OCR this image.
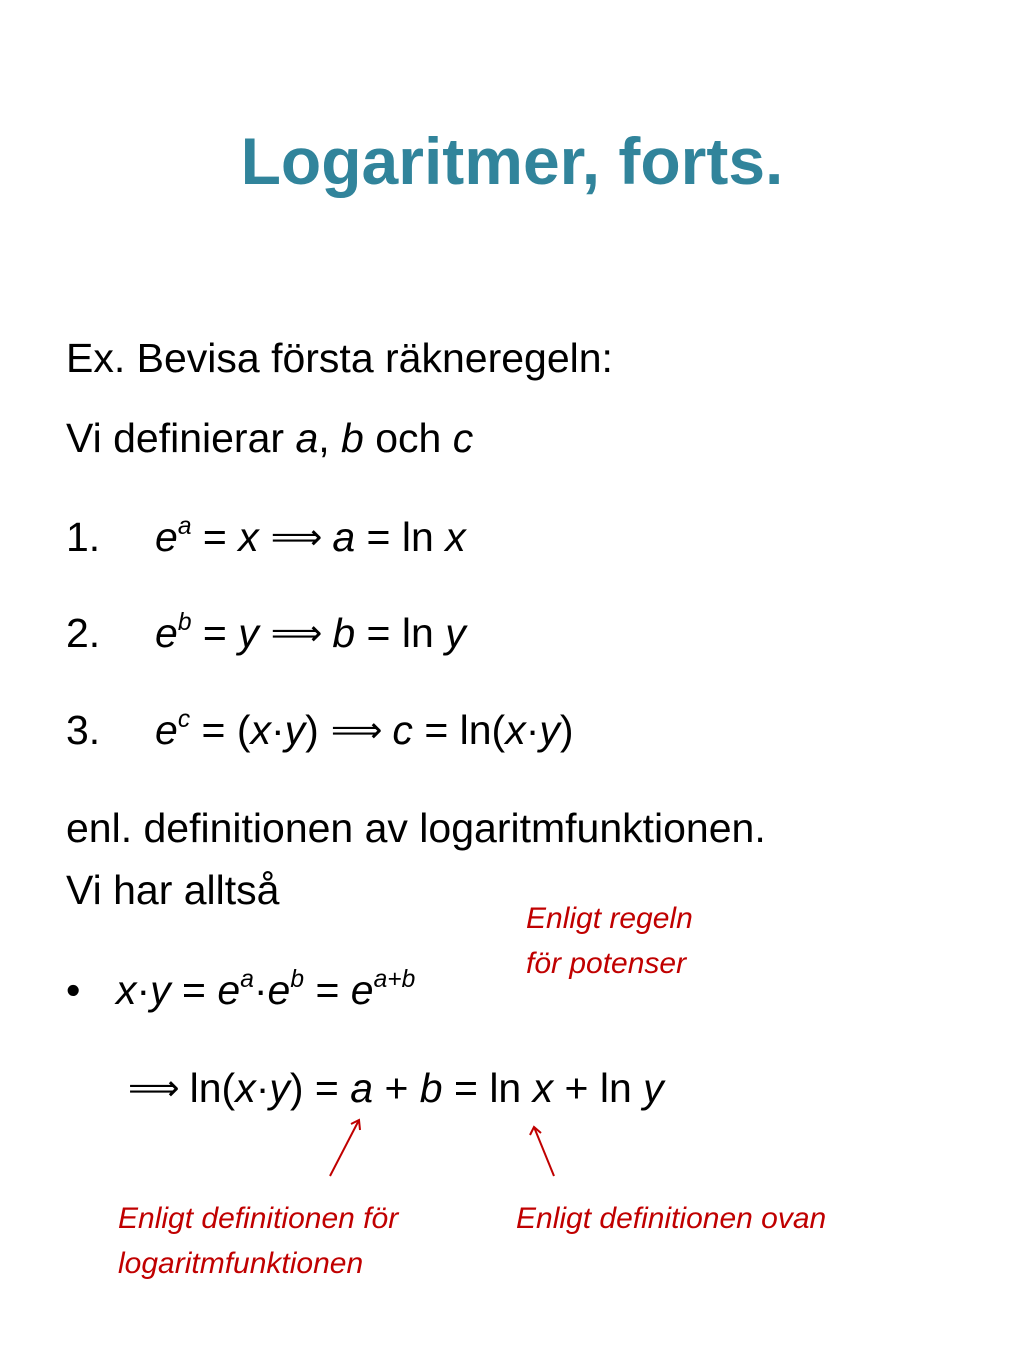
Logaritmer, forts.
Ex. Bevisa första räkneregeln:
Vi definierar a, b och c
1. $e^a = x$ ⟹ a = ln x
2. $e^b = y$ ⟹ b = ln y
3. $e^c = (x\cdot y)$ ⟹ c = ln(x·y)
enl. definitionen av logaritmfunktionen.
Vi har alltså
• $x\cdot y = e^a\cdot e^b = e^{a+b}$
⟹ ln(x·y) = a + b = ln x + ln y
Enligt regeln
för potenser
Enligt definitionen för
logaritmfunktionen
Enligt definitionen ovan
